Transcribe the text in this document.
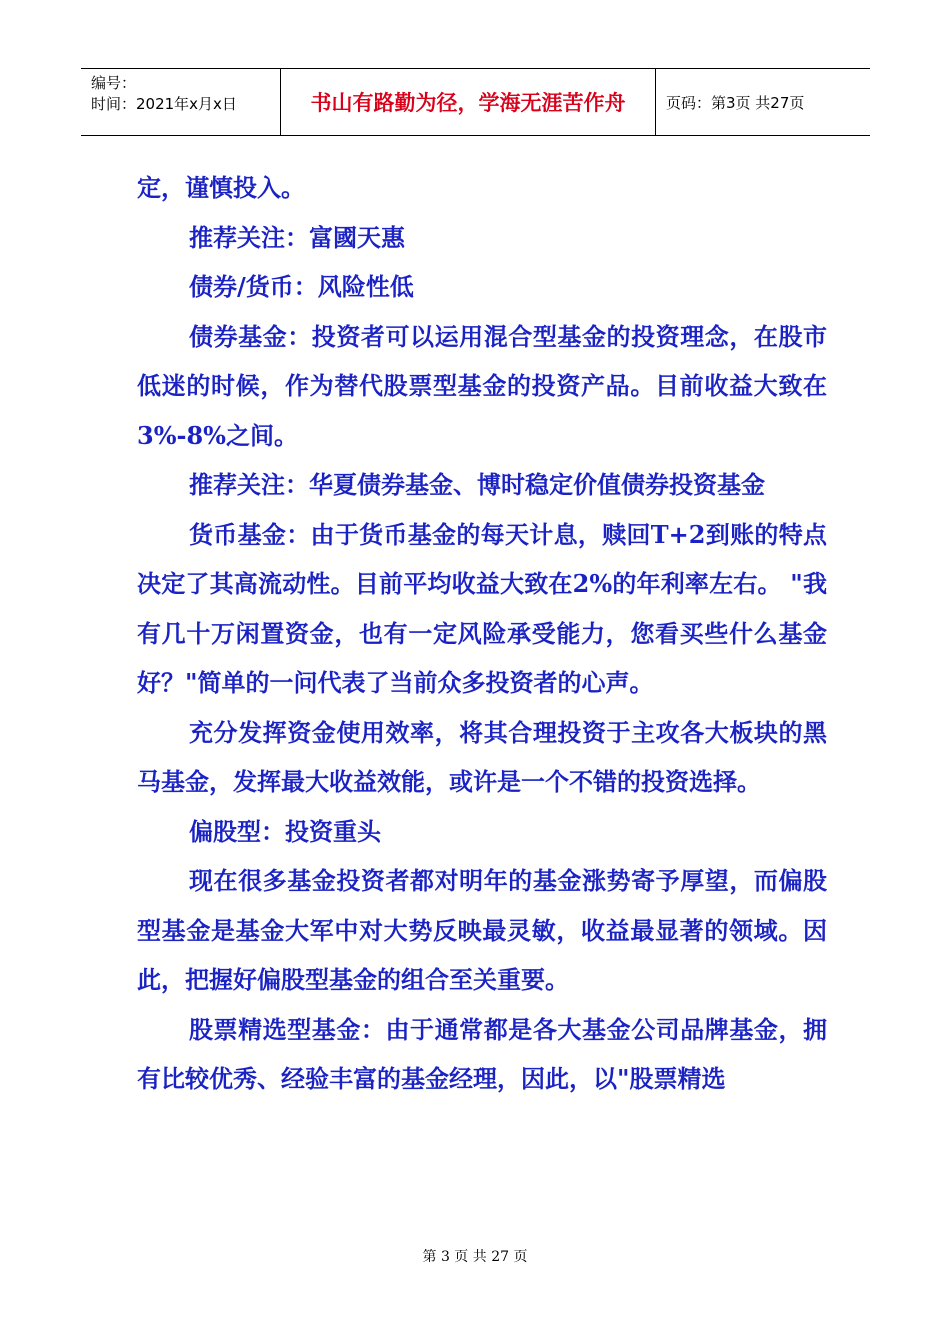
编号：
时间：2021年x月x日	书山有路勤为径，学海无涯苦作舟	页码：第3页 共27页

定，谨慎投入。

推荐关注：富國天惠

债券/货币：风险性低

债券基金：投资者可以运用混合型基金的投资理念，在股市低迷的时候，作为替代股票型基金的投资产品。目前收益大致在3%-8%之间。

推荐关注：华夏债券基金、博时稳定价值债券投资基金

货币基金：由于货币基金的每天计息，赎回T+2到账的特点决定了其高流动性。目前平均收益大致在2%的年利率左右。 "我有几十万闲置资金，也有一定风险承受能力，您看买些什么基金好？"简单的一问代表了当前众多投资者的心声。

充分发挥资金使用效率，将其合理投资于主攻各大板块的黑马基金，发挥最大收益效能，或许是一个不错的投资选择。

偏股型：投资重头

现在很多基金投资者都对明年的基金涨势寄予厚望，而偏股型基金是基金大军中对大势反映最灵敏，收益最显著的领域。因此，把握好偏股型基金的组合至关重要。

股票精选型基金：由于通常都是各大基金公司品牌基金，拥有比较优秀、经验丰富的基金经理，因此，以"股票精选

第 3 页 共 27 页
